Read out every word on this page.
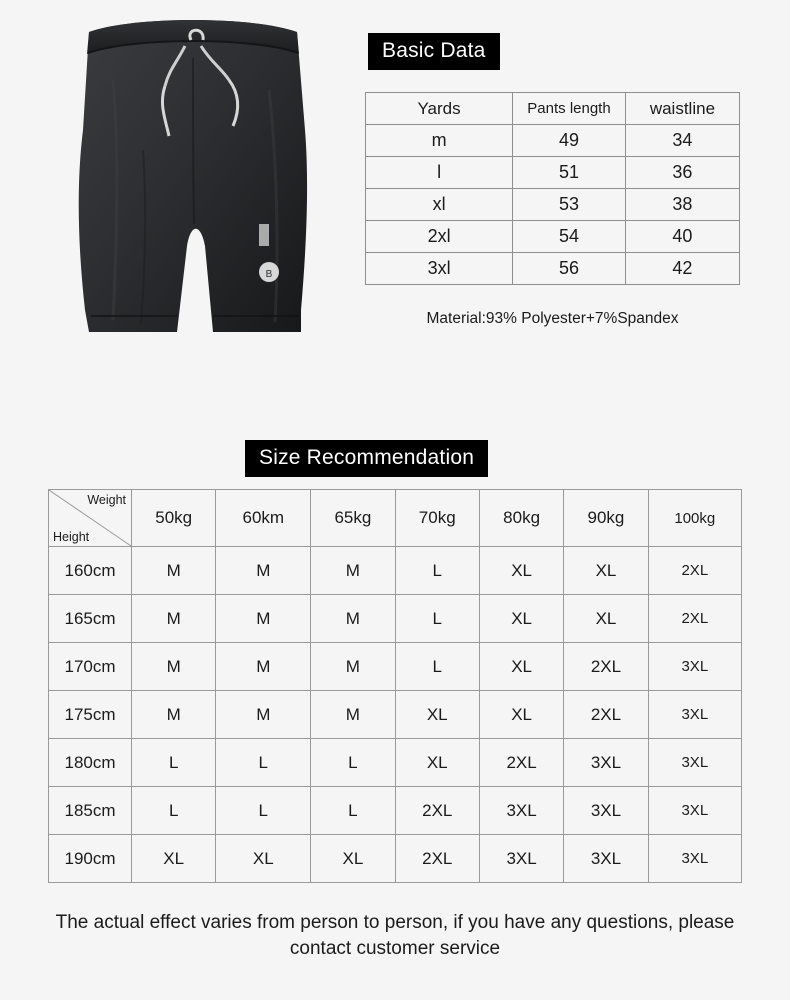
B
Basic Data
Yards	Pants length	waistline
m	49	34
l	51	36
xl	53	38
2xl	54	40
3xl	56	42
Material:93% Polyester+7%Spandex
Size Recommendation
Weight
Height	50kg	60km	65kg	70kg	80kg	90kg	100kg
160cm	M	M	M	L	XL	XL	2XL
165cm	M	M	M	L	XL	XL	2XL
170cm	M	M	M	L	XL	2XL	3XL
175cm	M	M	M	XL	XL	2XL	3XL
180cm	L	L	L	XL	2XL	3XL	3XL
185cm	L	L	L	2XL	3XL	3XL	3XL
190cm	XL	XL	XL	2XL	3XL	3XL	3XL
The actual effect varies from person to person, if you have any questions, please contact customer service
